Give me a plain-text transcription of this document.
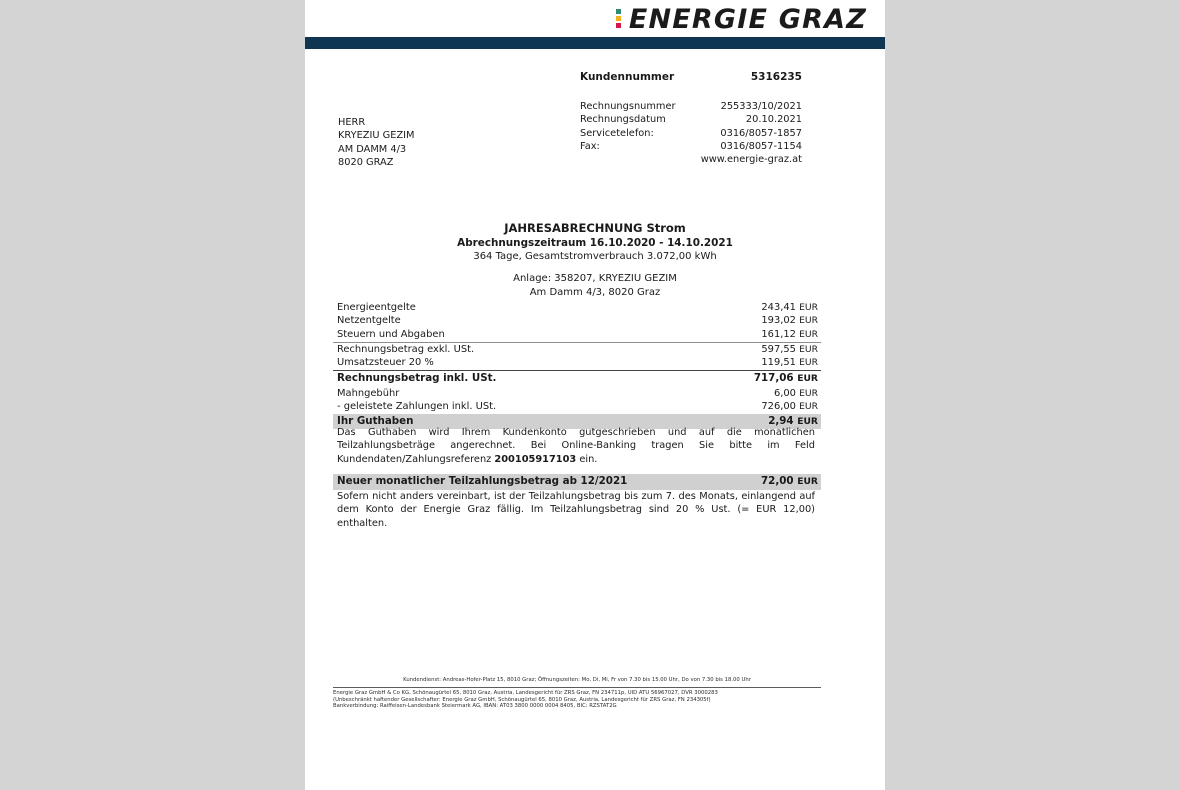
ENERGIE GRAZ
Kundennummer	5316235
Rechnungsnummer	255333/10/2021
Rechnungsdatum	20.10.2021
Servicetelefon:	0316/8057-1857
Fax:	0316/8057-1154
www.energie-graz.at
HERR
KRYEZIU GEZIM
AM DAMM 4/3
8020 GRAZ
JAHRESABRECHNUNG Strom
Abrechnungszeitraum 16.10.2020 - 14.10.2021
364 Tage, Gesamtstromverbrauch 3.072,00 kWh
Anlage: 358207, KRYEZIU GEZIM
Am Damm 4/3, 8020 Graz
Energieentgelte	243,41 EUR
Netzentgelte	193,02 EUR
Steuern und Abgaben	161,12 EUR
Rechnungsbetrag exkl. USt.	597,55 EUR
Umsatzsteuer 20 %	119,51 EUR
Rechnungsbetrag inkl. USt.	717,06 EUR
Mahngebühr	6,00 EUR
- geleistete Zahlungen inkl. USt.	726,00 EUR
Ihr Guthaben	2,94 EUR
Das Guthaben wird Ihrem Kundenkonto gutgeschrieben und auf die monatlichen Teilzahlungsbeträge angerechnet. Bei Online-Banking tragen Sie bitte im Feld Kundendaten/Zahlungsreferenz 200105917103 ein.
Neuer monatlicher Teilzahlungsbetrag ab 12/2021	72,00 EUR
Sofern nicht anders vereinbart, ist der Teilzahlungsbetrag bis zum 7. des Monats, einlangend auf dem Konto der Energie Graz fällig. Im Teilzahlungsbetrag sind 20 % Ust. (= EUR 12,00) enthalten.
Kundendienst: Andreas-Hofer-Platz 15, 8010 Graz; Öffnungszeiten: Mo, Di, Mi, Fr von 7.30 bis 15.00 Uhr, Do von 7.30 bis 18.00 Uhr
Energie Graz GmbH & Co KG, Schönaugürtel 65, 8010 Graz, Austria, Landesgericht für ZRS Graz, FN 234711p, UID ATU 56967027, DVR 3000283
(Unbeschränkt haftender Gesellschafter: Energie Graz GmbH, Schönaugürtel 65, 8010 Graz, Austria, Landesgericht für ZRS Graz, FN 234305f)
Bankverbindung: Raiffeisen-Landesbank Steiermark AG, IBAN: AT03 3800 0000 0004 8405, BIC: RZSTAT2G
